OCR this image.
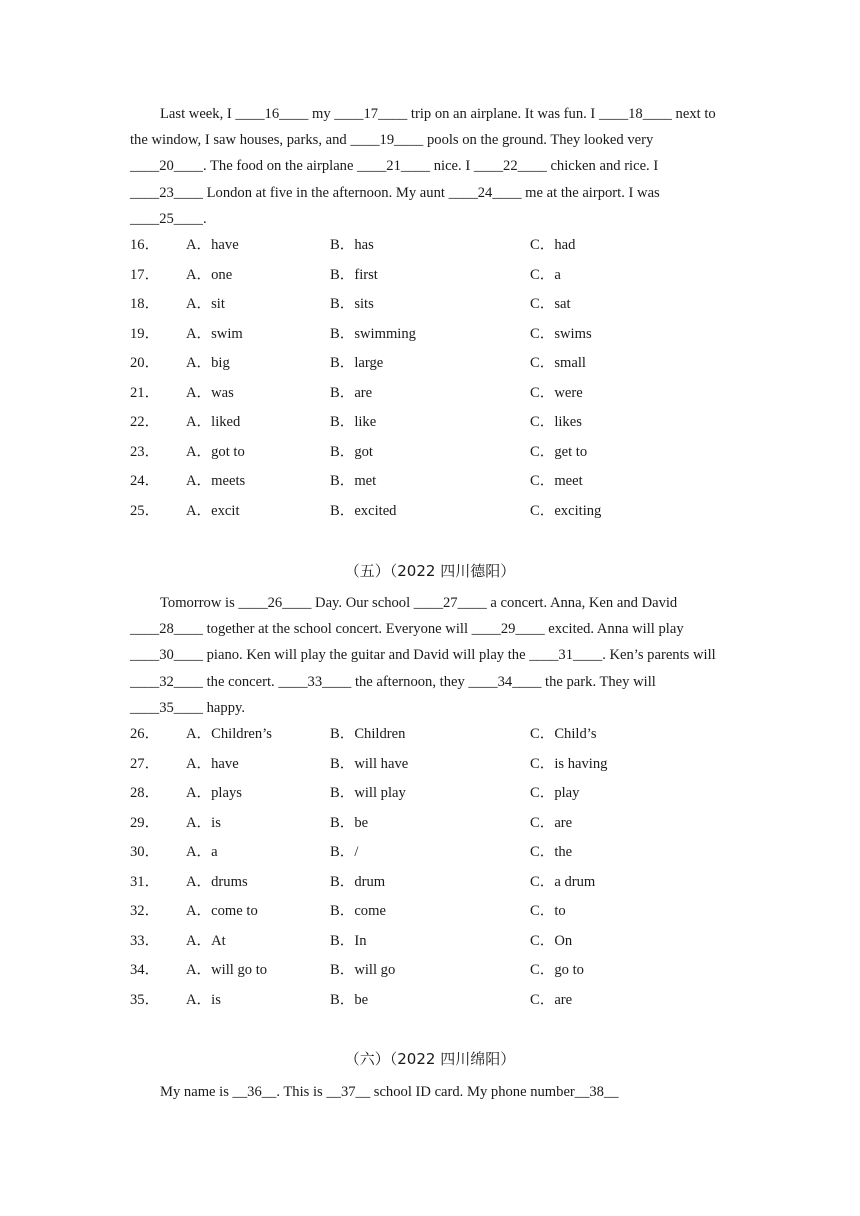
Last week, I ____16____ my ____17____ trip on an airplane. It was fun. I ____18____ next to the window, I saw houses, parks, and ____19____ pools on the ground. They looked very ____20____. The food on the airplane ____21____ nice. I ____22____ chicken and rice. I ____23____ London at five in the afternoon. My aunt ____24____ me at the airport. I was ____25____.

16． A．have	B．has	C．had
17． A．one	B．first	C．a
18． A．sit	B．sits	C．sat
19． A．swim	B．swimming	C．swims
20． A．big	B．large	C．small
21． A．was	B．are	C．were
22． A．liked	B．like	C．likes
23． A．got to	B．got	C．get to
24． A．meets	B．met	C．meet
25． A．excit	B．excited	C．exciting
（五）（2022 四川德阳）

Tomorrow is ____26____ Day. Our school ____27____ a concert. Anna, Ken and David ____28____ together at the school concert. Everyone will ____29____ excited. Anna will play ____30____ piano. Ken will play the guitar and David will play the ____31____. Ken’s parents will ____32____ the concert. ____33____ the afternoon, they ____34____ the park. They will ____35____ happy.

26． A．Children’s	B．Children	C．Child’s
27． A．have	B．will have	C．is having
28． A．plays	B．will play	C．play
29． A．is	B．be	C．are
30． A．a	B．/	C．the
31． A．drums	B．drum	C．a drum
32． A．come to	B．come	C．to
33． A．At	B．In	C．On
34． A．will go to	B．will go	C．go to
35． A．is	B．be	C．are
（六）（2022 四川绵阳）

My name is __36__. This is __37__ school ID card. My phone number__38__
